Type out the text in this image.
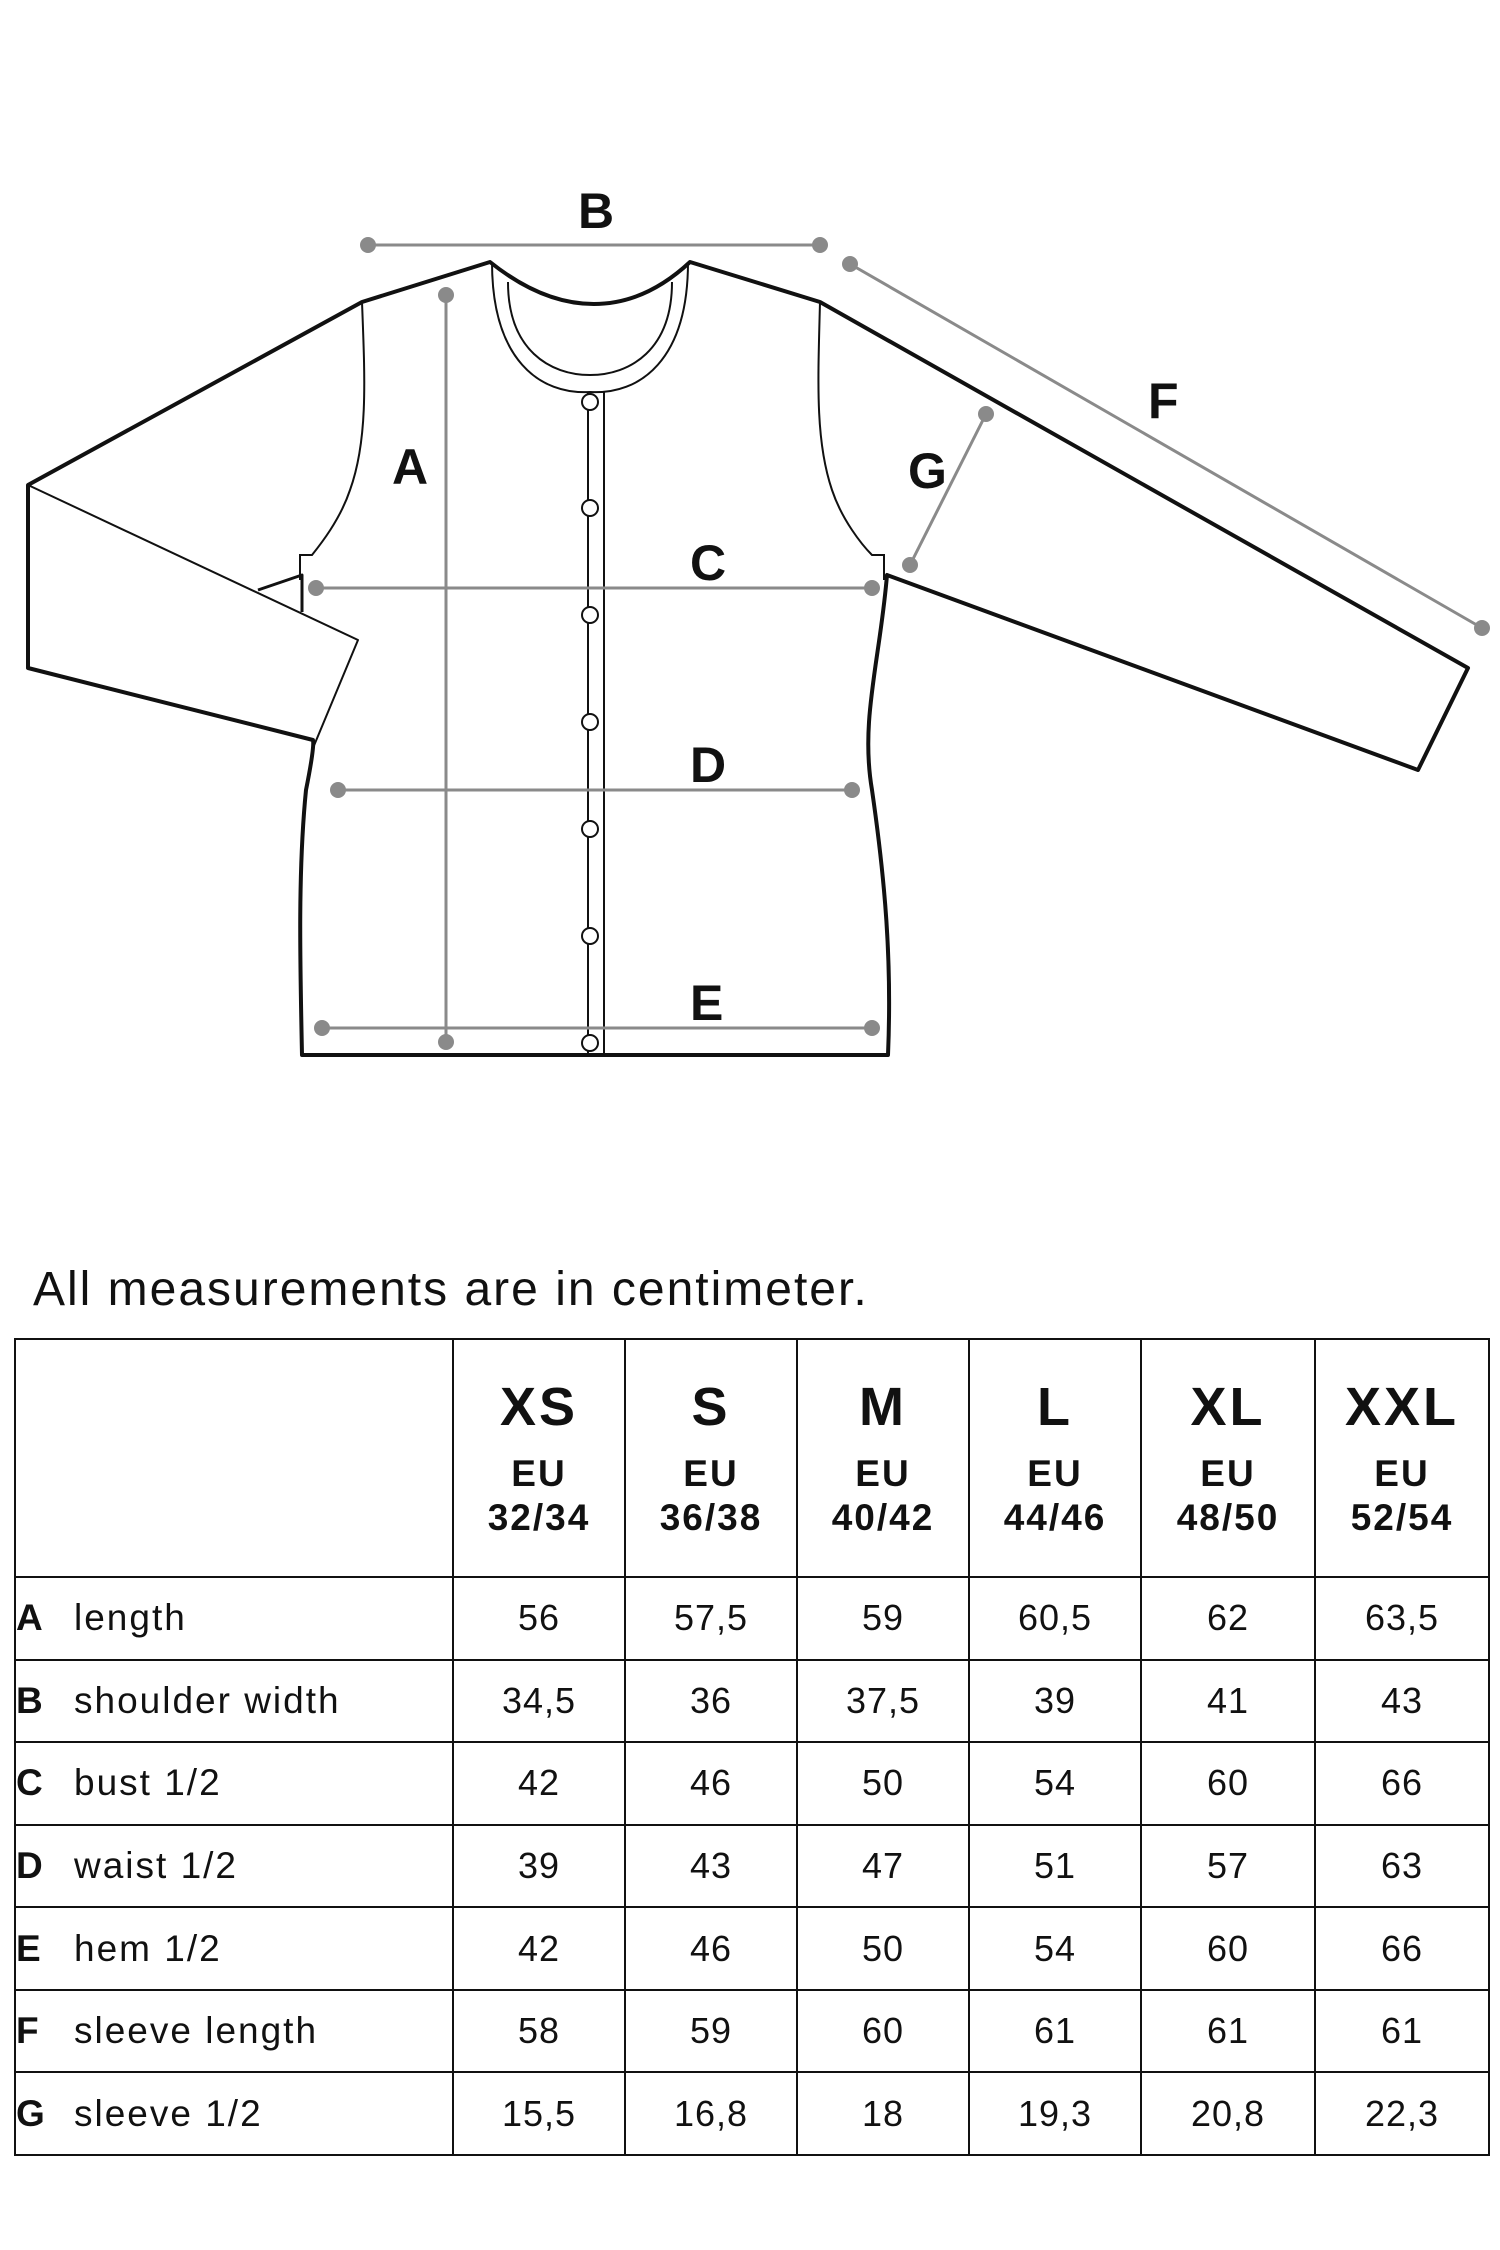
A
B
C
D
E
F
G
All measurements are in centimeter.

	XS
EU
32/34	S
EU
36/38	M
EU
40/42	L
EU
44/46	XL
EU
48/50	XXL
EU
52/54

A length	56	57,5	59	60,5	62	63,5
B shoulder width	34,5	36	37,5	39	41	43
C bust 1/2	42	46	50	54	60	66
D waist 1/2	39	43	47	51	57	63
E hem 1/2	42	46	50	54	60	66
F sleeve length	58	59	60	61	61	61
G sleeve 1/2	15,5	16,8	18	19,3	20,8	22,3
